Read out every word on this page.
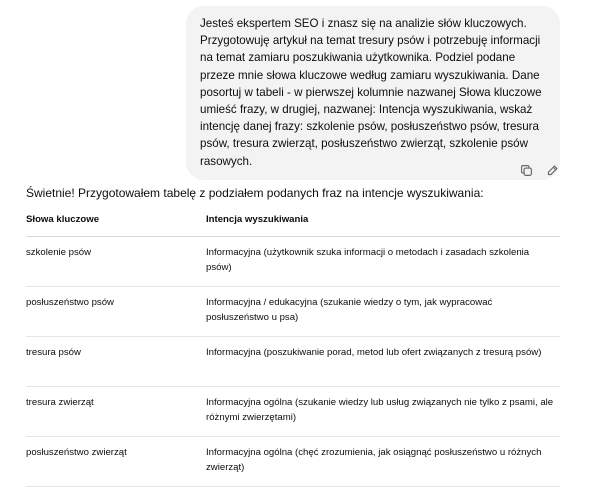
Jesteś ekspertem SEO i znasz się na analizie słów kluczowych. Przygotowuję artykuł na temat tresury psów i potrzebuję informacji na temat zamiaru poszukiwania użytkownika. Podziel podane przeze mnie słowa kluczowe według zamiaru wyszukiwania. Dane posortuj w tabeli - w pierwszej kolumnie nazwanej Słowa kluczowe umieść frazy, w drugiej, nazwanej: Intencja wyszukiwania, wskaż intencję danej frazy: szkolenie psów, posłuszeństwo psów, tresura psów, tresura zwierząt, posłuszeństwo zwierząt, szkolenie psów rasowych.

Świetnie! Przygotowałem tabelę z podziałem podanych fraz na intencje wyszukiwania:

Słowa kluczowe	Intencja wyszukiwania
szkolenie psów	Informacyjna (użytkownik szuka informacji o metodach i zasadach szkolenia psów)
posłuszeństwo psów	Informacyjna / edukacyjna (szukanie wiedzy o tym, jak wypracować posłuszeństwo u psa)
tresura psów	Informacyjna (poszukiwanie porad, metod lub ofert związanych z tresurą psów)
tresura zwierząt	Informacyjna ogólna (szukanie wiedzy lub usług związanych nie tylko z psami, ale różnymi zwierzętami)
posłuszeństwo zwierząt	Informacyjna ogólna (chęć zrozumienia, jak osiągnąć posłuszeństwo u różnych zwierząt)
